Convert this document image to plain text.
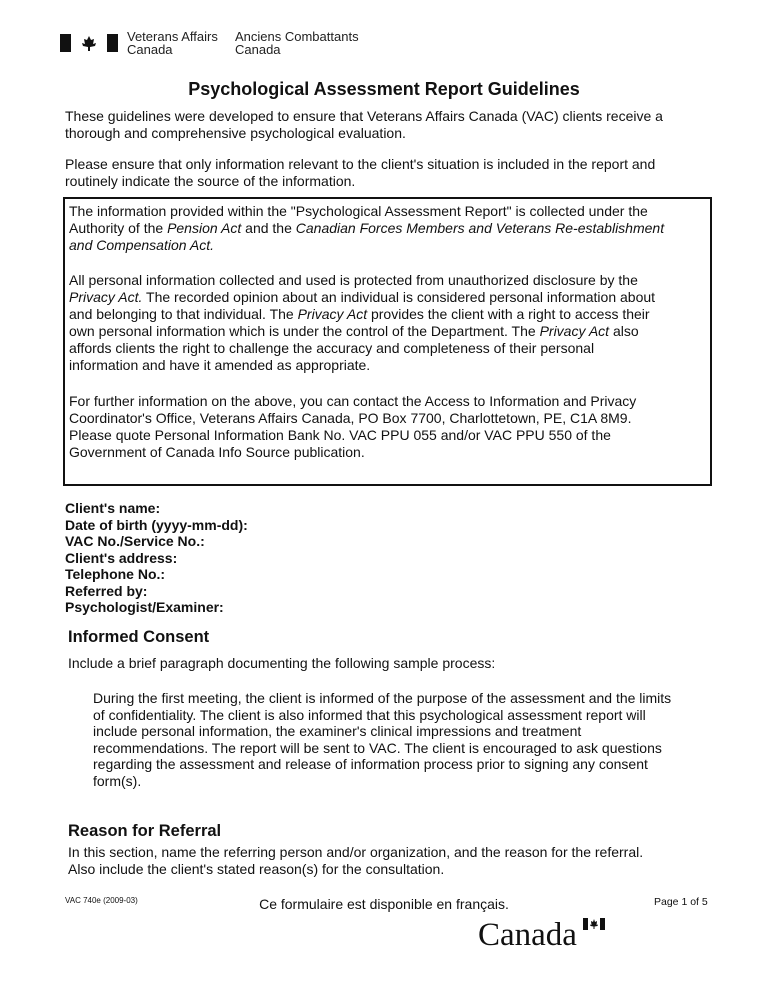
Veterans Affairs
Canada
Anciens Combattants
Canada
Psychological Assessment Report Guidelines
These guidelines were developed to ensure that Veterans Affairs Canada (VAC) clients receive a
thorough and comprehensive psychological evaluation.
Please ensure that only information relevant to the client's situation is included in the report and
routinely indicate the source of the information.
The information provided within the "Psychological Assessment Report" is collected under the
Authority of the Pension Act and the Canadian Forces Members and Veterans Re-establishment
and Compensation Act.
All personal information collected and used is protected from unauthorized disclosure by the
Privacy Act. The recorded opinion about an individual is considered personal information about
and belonging to that individual. The Privacy Act provides the client with a right to access their
own personal information which is under the control of the Department. The Privacy Act also
affords clients the right to challenge the accuracy and completeness of their personal
information and have it amended as appropriate.
For further information on the above, you can contact the Access to Information and Privacy
Coordinator's Office, Veterans Affairs Canada, PO Box 7700, Charlottetown, PE, C1A 8M9.
Please quote Personal Information Bank No. VAC PPU 055 and/or VAC PPU 550 of the
Government of Canada Info Source publication.
Client's name:
Date of birth (yyyy-mm-dd):
VAC No./Service No.:
Client's address:
Telephone No.:
Referred by:
Psychologist/Examiner:
Informed Consent
Include a brief paragraph documenting the following sample process:
During the first meeting, the client is informed of the purpose of the assessment and the limits
of confidentiality. The client is also informed that this psychological assessment report will
include personal information, the examiner's clinical impressions and treatment
recommendations. The report will be sent to VAC. The client is encouraged to ask questions
regarding the assessment and release of information process prior to signing any consent
form(s).
Reason for Referral
In this section, name the referring person and/or organization, and the reason for the referral.
Also include the client's stated reason(s) for the consultation.
VAC 740e (2009-03)	Ce formulaire est disponible en français.	Page 1 of 5
Canada
